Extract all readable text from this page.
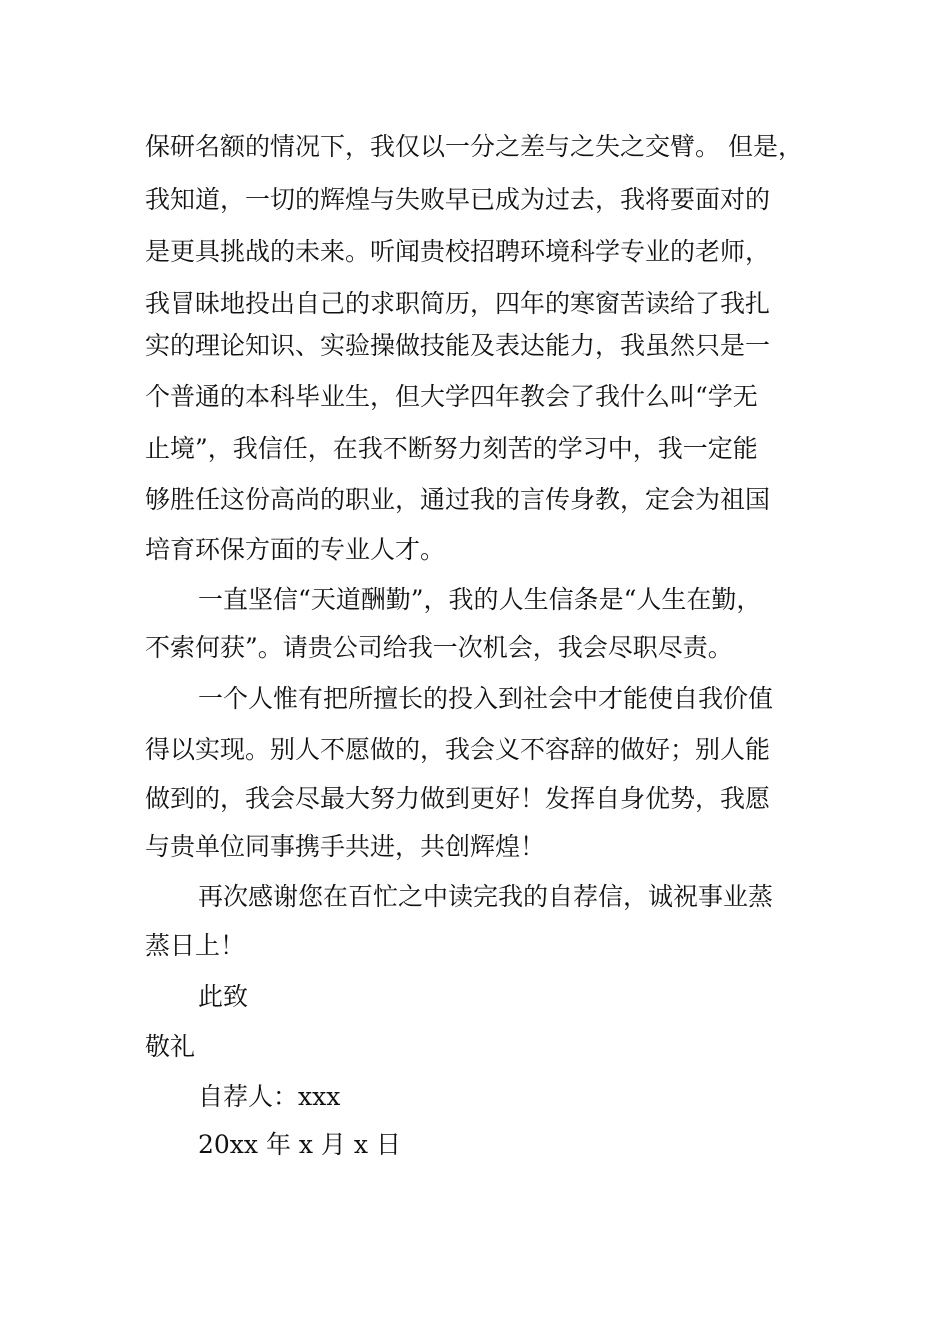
保研名额的情况下，我仅以一分之差与之失之交臂。 但是，
我知道，一切的辉煌与失败早已成为过去，我将要面对的
是更具挑战的未来。听闻贵校招聘环境科学专业的老师，
我冒昧地投出自己的求职简历，四年的寒窗苦读给了我扎
实的理论知识、实验操做技能及表达能力，我虽然只是一
个普通的本科毕业生，但大学四年教会了我什么叫“学无
止境”，我信任，在我不断努力刻苦的学习中，我一定能
够胜任这份高尚的职业，通过我的言传身教，定会为祖国
培育环保方面的专业人才。
一直坚信“天道酬勤”，我的人生信条是“人生在勤，
不索何获”。请贵公司给我一次机会，我会尽职尽责。
一个人惟有把所擅长的投入到社会中才能使自我价值
得以实现。别人不愿做的，我会义不容辞的做好；别人能
做到的，我会尽最大努力做到更好！发挥自身优势，我愿
与贵单位同事携手共进，共创辉煌！
再次感谢您在百忙之中读完我的自荐信，诚祝事业蒸
蒸日上！
此致
敬礼
自荐人：xxx
20xx 年 x 月 x 日
